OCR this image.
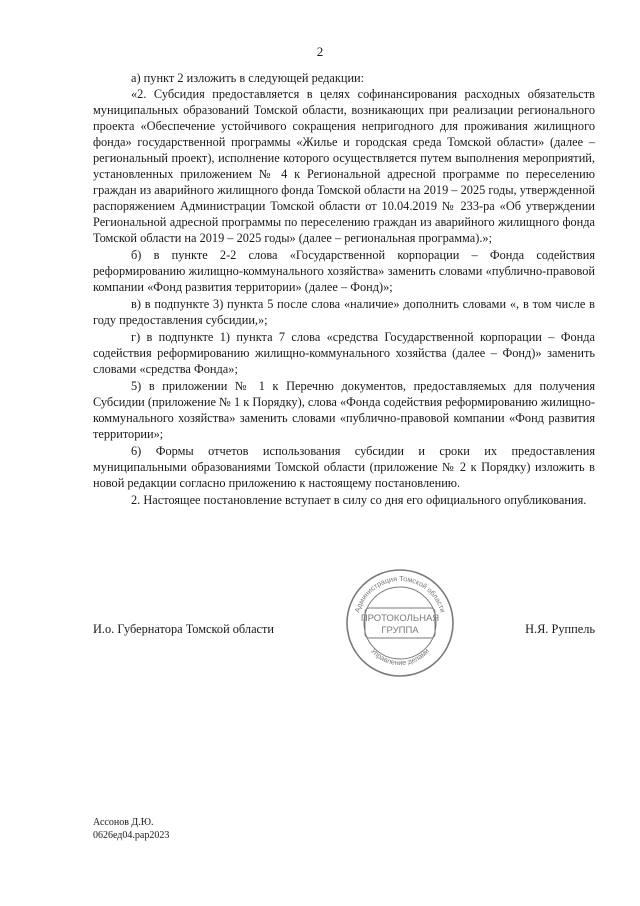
2

а) пункт 2 изложить в следующей редакции:

«2. Субсидия предоставляется в целях софинансирования расходных обязательств муниципальных образований Томской области, возникающих при реализации регионального проекта «Обеспечение устойчивого сокращения непригодного для проживания жилищного фонда» государственной программы «Жилье и городская среда Томской области» (далее – региональный проект), исполнение которого осуществляется путем выполнения мероприятий, установленных приложением № 4 к Региональной адресной программе по переселению граждан из аварийного жилищного фонда Томской области на 2019 – 2025 годы, утвержденной распоряжением Администрации Томской области от 10.04.2019 № 233-ра «Об утверждении Региональной адресной программы по переселению граждан из аварийного жилищного фонда Томской области на 2019 – 2025 годы» (далее – региональная программа).»;

б) в пункте 2-2 слова «Государственной корпорации – Фонда содействия реформированию жилищно-коммунального хозяйства» заменить словами «публично-правовой компании «Фонд развития территории» (далее – Фонд)»;

в) в подпункте 3) пункта 5 после слова «наличие» дополнить словами «, в том числе в году предоставления субсидии,»;

г) в подпункте 1) пункта 7 слова «средства Государственной корпорации – Фонда содействия реформированию жилищно-коммунального хозяйства (далее – Фонд)» заменить словами «средства Фонда»;

5) в приложении № 1 к Перечню документов, предоставляемых для получения Субсидии (приложение № 1 к Порядку), слова «Фонда содействия реформированию жилищно-коммунального хозяйства» заменить словами «публично-правовой компании «Фонд развития территории»;

6) Формы отчетов использования субсидии и сроки их предоставления муниципальными образованиями Томской области (приложение № 2 к Порядку) изложить в новой редакции согласно приложению к настоящему постановлению.

2. Настоящее постановление вступает в силу со дня его официального опубликования.

Администрация Томской области
Управление делами
ПРОТОКОЛЬНАЯ
ГРУППА
И.о. Губернатора Томской области	Н.Я. Руппель
Ассонов Д.Ю.
0626ед04.рар2023
